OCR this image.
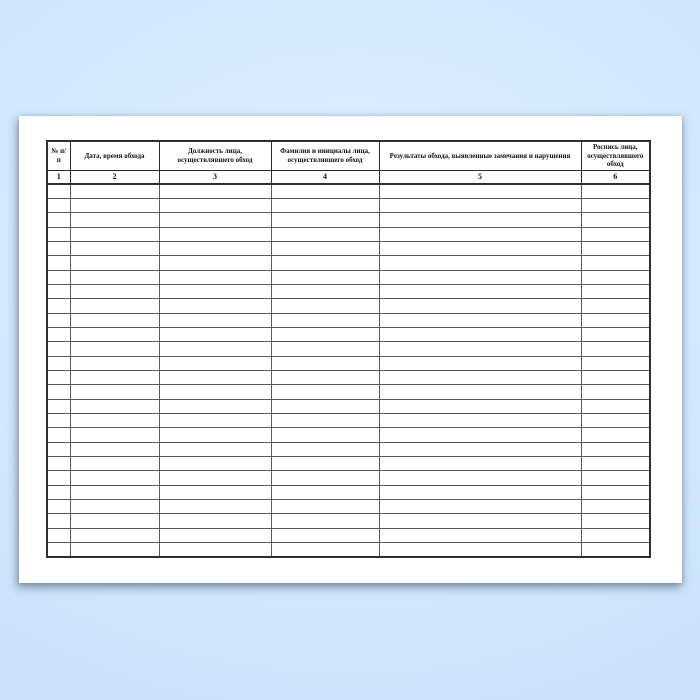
№ п/п	Дата, время обхода	Должность лица, осуществлявшего обход	Фамилия и инициалы лица, осуществлявшего обход	Результаты обхода, выявленные замечания и нарушения	Роспись лица, осуществлявшего обход
1	2	3	4	5	6
